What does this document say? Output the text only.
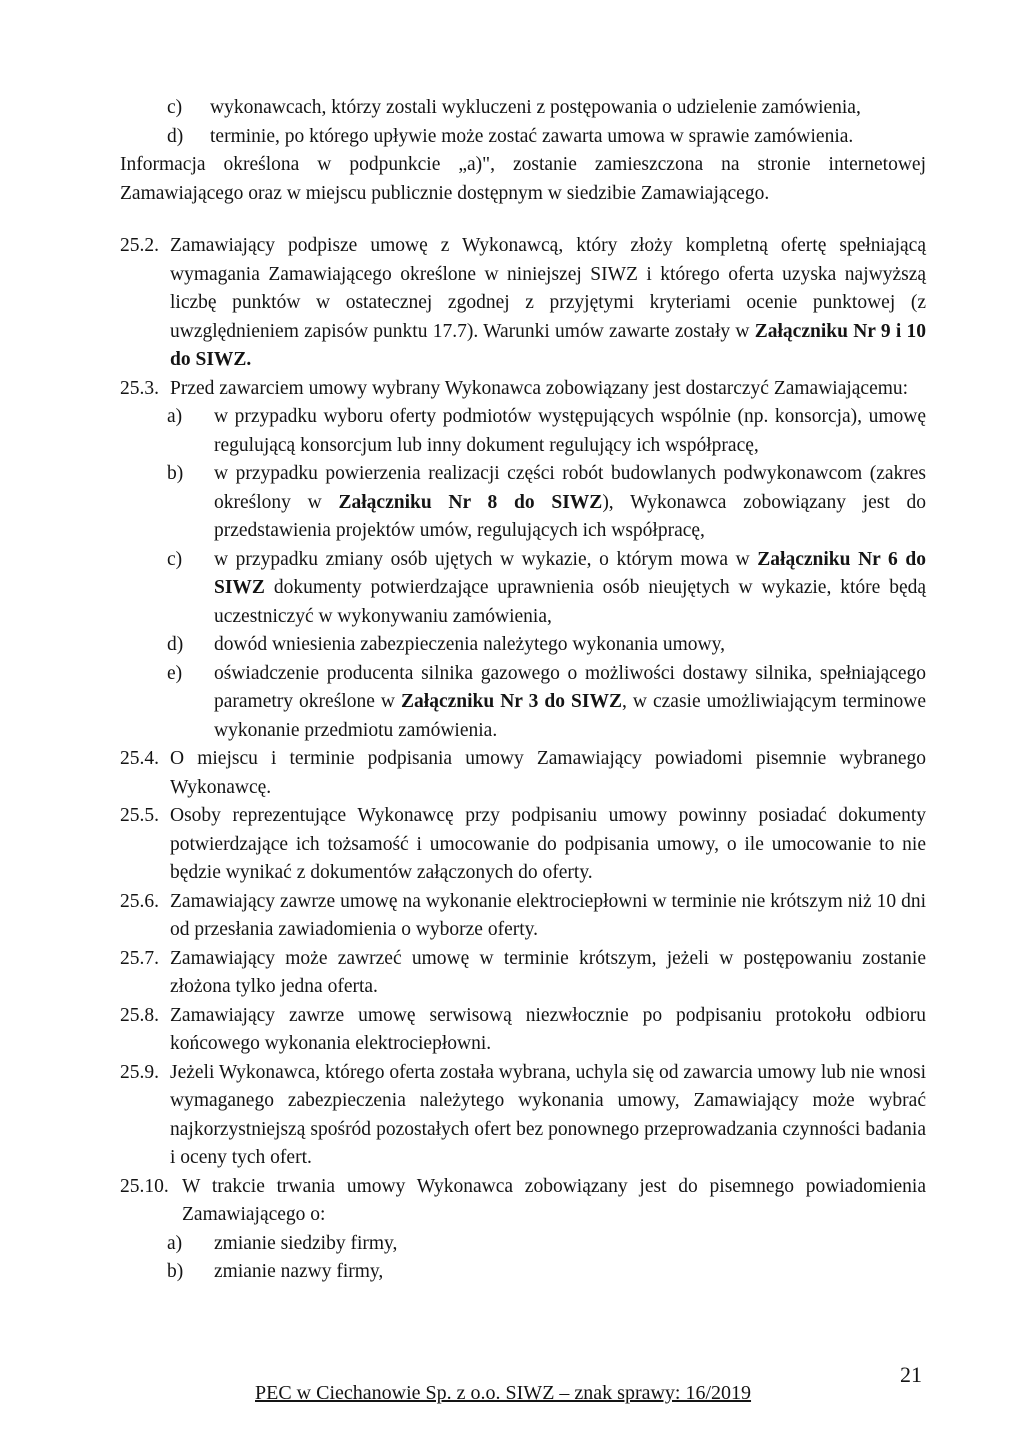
c)	wykonawcach, którzy zostali wykluczeni z postępowania o udzielenie zamówienia,
d)	terminie, po którego upływie może zostać zawarta umowa w sprawie zamówienia.

Informacja określona w podpunkcie „a)", zostanie zamieszczona na stronie internetowej Zamawiającego oraz w miejscu publicznie dostępnym w siedzibie Zamawiającego.

25.2. Zamawiający podpisze umowę z Wykonawcą, który złoży kompletną ofertę spełniającą wymagania Zamawiającego określone w niniejszej SIWZ i którego oferta uzyska najwyższą liczbę punktów w ostatecznej zgodnej z przyjętymi kryteriami ocenie punktowej (z uwzględnieniem zapisów punktu 17.7). Warunki umów zawarte zostały w Załączniku Nr 9 i 10 do SIWZ.
25.3. Przed zawarciem umowy wybrany Wykonawca zobowiązany jest dostarczyć Zamawiającemu:
a)	w przypadku wyboru oferty podmiotów występujących wspólnie (np. konsorcja), umowę regulującą konsorcjum lub inny dokument regulujący ich współpracę,
b)	w przypadku powierzenia realizacji części robót budowlanych podwykonawcom (zakres określony w Załączniku Nr 8 do SIWZ), Wykonawca zobowiązany jest do przedstawienia projektów umów, regulujących ich współpracę,
c)	w przypadku zmiany osób ujętych w wykazie, o którym mowa w Załączniku Nr 6 do SIWZ dokumenty potwierdzające uprawnienia osób nieujętych w wykazie, które będą uczestniczyć w wykonywaniu zamówienia,
d)	dowód wniesienia zabezpieczenia należytego wykonania umowy,
e)	oświadczenie producenta silnika gazowego o możliwości dostawy silnika, spełniającego parametry określone w Załączniku Nr 3 do SIWZ, w czasie umożliwiającym terminowe wykonanie przedmiotu zamówienia.
25.4. O miejscu i terminie podpisania umowy Zamawiający powiadomi pisemnie wybranego Wykonawcę.
25.5. Osoby reprezentujące Wykonawcę przy podpisaniu umowy powinny posiadać dokumenty potwierdzające ich tożsamość i umocowanie do podpisania umowy, o ile umocowanie to nie będzie wynikać z dokumentów załączonych do oferty.
25.6. Zamawiający zawrze umowę na wykonanie elektrociepłowni w terminie nie krótszym niż 10 dni od przesłania zawiadomienia o wyborze oferty.
25.7. Zamawiający może zawrzeć umowę w terminie krótszym, jeżeli w postępowaniu zostanie złożona tylko jedna oferta.
25.8. Zamawiający zawrze umowę serwisową niezwłocznie po podpisaniu protokołu odbioru końcowego wykonania elektrociepłowni.
25.9. Jeżeli Wykonawca, którego oferta została wybrana, uchyla się od zawarcia umowy lub nie wnosi wymaganego zabezpieczenia należytego wykonania umowy, Zamawiający może wybrać najkorzystniejszą spośród pozostałych ofert bez ponownego przeprowadzania czynności badania i oceny tych ofert.
25.10. W trakcie trwania umowy Wykonawca zobowiązany jest do pisemnego powiadomienia Zamawiającego o:
a)	zmianie siedziby firmy,
b)	zmianie nazwy firmy,
PEC w Ciechanowie Sp. z o.o. SIWZ – znak sprawy: 16/2019
21
